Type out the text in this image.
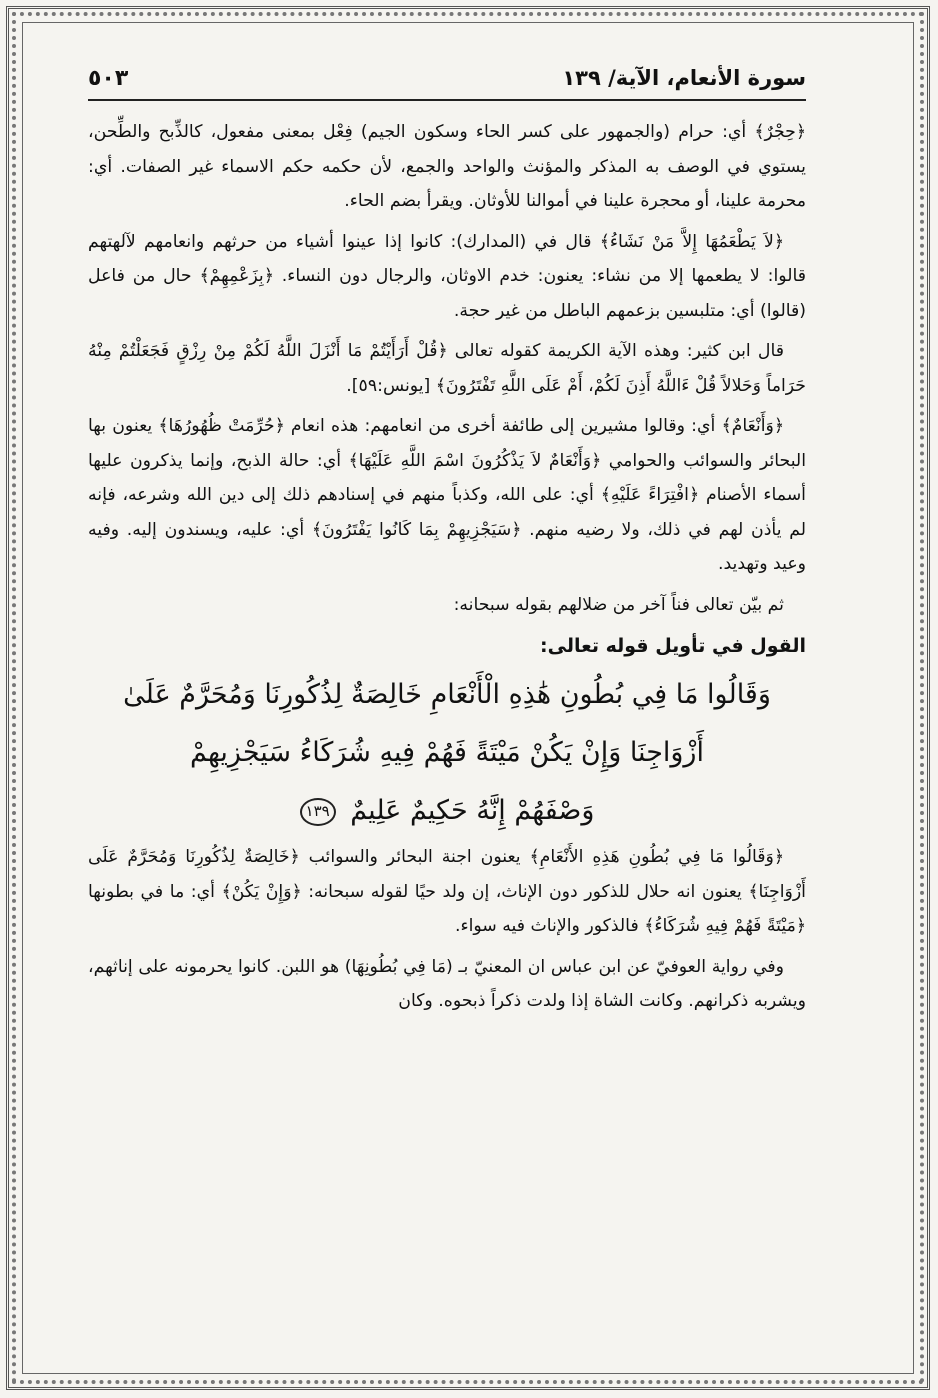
سورة الأنعام، الآية/ ١٣٩
٥٠٣

﴿حِجْرٌ﴾ أي: حرام (والجمهور على كسر الحاء وسكون الجيم) فِعْل بمعنى مفعول، كالذِّبح والطِّحن، يستوي في الوصف به المذكر والمؤنث والواحد والجمع، لأن حكمه حكم الاسماء غير الصفات. أي: محرمة علينا، أو محجرة علينا في أموالنا للأوثان. ويقرأ بضم الحاء.

﴿لاَ يَطْعَمُهَا إِلاَّ مَنْ نَشَاءُ﴾ قال في (المدارك): كانوا إذا عينوا أشياء من حرثهم وانعامهم لآلهتهم قالوا: لا يطعمها إلا من نشاء: يعنون: خدم الاوثان، والرجال دون النساء. ﴿بِزَعْمِهِمْ﴾ حال من فاعل (قالوا) أي: متلبسين بزعمهم الباطل من غير حجة.

قال ابن كثير: وهذه الآية الكريمة كقوله تعالى ﴿قُلْ أَرَأَيْتُمْ مَا أَنْزَلَ اللَّهُ لَكُمْ مِنْ رِزْقٍ فَجَعَلْتُمْ مِنْهُ حَرَاماً وَحَلالاً قُلْ ءَاللَّهُ أَذِنَ لَكُمْ، أَمْ عَلَى اللَّهِ تَفْتَرُونَ﴾ [يونس:٥٩].

﴿وَأَنْعَامٌ﴾ أي: وقالوا مشيرين إلى طائفة أخرى من انعامهم: هذه انعام ﴿حُرِّمَتْ ظُهُورُهَا﴾ يعنون بها البحائر والسوائب والحوامي ﴿وَأَنْعَامٌ لاَ يَذْكُرُونَ اسْمَ اللَّهِ عَلَيْهَا﴾ أي: حالة الذبح، وإنما يذكرون عليها أسماء الأصنام ﴿افْتِرَاءً عَلَيْهِ﴾ أي: على الله، وكذباً منهم في إسنادهم ذلك إلى دين الله وشرعه، فإنه لم يأذن لهم في ذلك، ولا رضيه منهم. ﴿سَيَجْزِيهِمْ بِمَا كَانُوا يَفْتَرُونَ﴾ أي: عليه، ويسندون إليه. وفيه وعيد وتهديد.

ثم بيّن تعالى فناً آخر من ضلالهم بقوله سبحانه:

القول في تأويل قوله تعالى:
وَقَالُوا مَا فِي بُطُونِ هَٰذِهِ الْأَنْعَامِ خَالِصَةٌ لِذُكُورِنَا وَمُحَرَّمٌ عَلَىٰ
أَزْوَاجِنَا وَإِنْ يَكُنْ مَيْتَةً فَهُمْ فِيهِ شُرَكَاءُ سَيَجْزِيهِمْ
وَصْفَهُمْ إِنَّهُ حَكِيمٌ عَلِيمٌ ١٣٩

﴿وَقَالُوا مَا فِي بُطُونِ هَذِهِ الأَنْعَامِ﴾ يعنون اجنة البحائر والسوائب ﴿خَالِصَةٌ لِذُكُورِنَا وَمُحَرَّمٌ عَلَى أَزْوَاجِنَا﴾ يعنون انه حلال للذكور دون الإناث، إن ولد حيًا لقوله سبحانه: ﴿وَإِنْ يَكُنْ﴾ أي: ما في بطونها ﴿مَيْتَةً فَهُمْ فِيهِ شُرَكَاءُ﴾ فالذكور والإناث فيه سواء.

وفي رواية العوفيّ عن ابن عباس ان المعنيّ بـ (مَا فِي بُطُونِهَا) هو اللبن. كانوا يحرمونه على إناثهم، ويشربه ذكرانهم. وكانت الشاة إذا ولدت ذكراً ذبحوه. وكان
